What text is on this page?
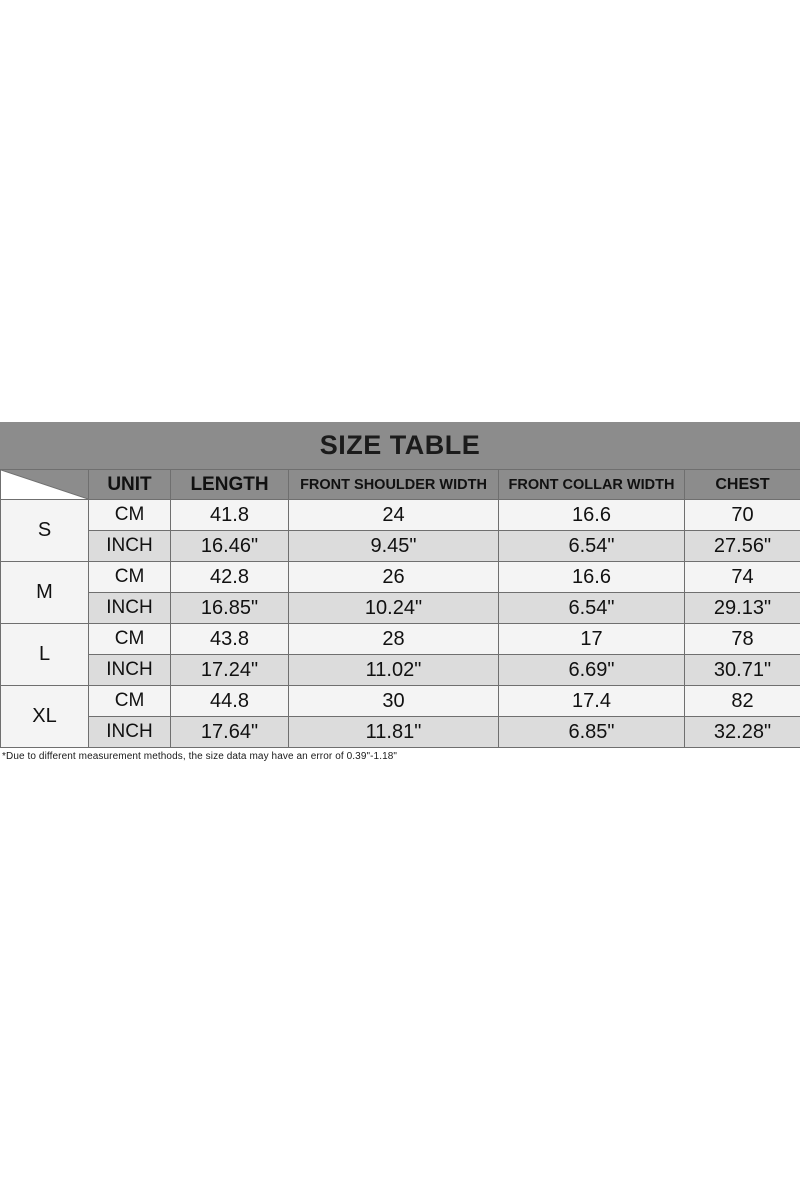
SIZE TABLE
	UNIT	LENGTH	FRONT SHOULDER WIDTH	FRONT COLLAR WIDTH	CHEST
S	CM	41.8	24	16.6	70
	INCH	16.46"	9.45"	6.54"	27.56"
M	CM	42.8	26	16.6	74
	INCH	16.85"	10.24"	6.54"	29.13"
L	CM	43.8	28	17	78
	INCH	17.24"	11.02"	6.69"	30.71"
XL	CM	44.8	30	17.4	82
	INCH	17.64"	11.81"	6.85"	32.28"
*Due to different measurement methods, the size data may have an error of 0.39"-1.18"
